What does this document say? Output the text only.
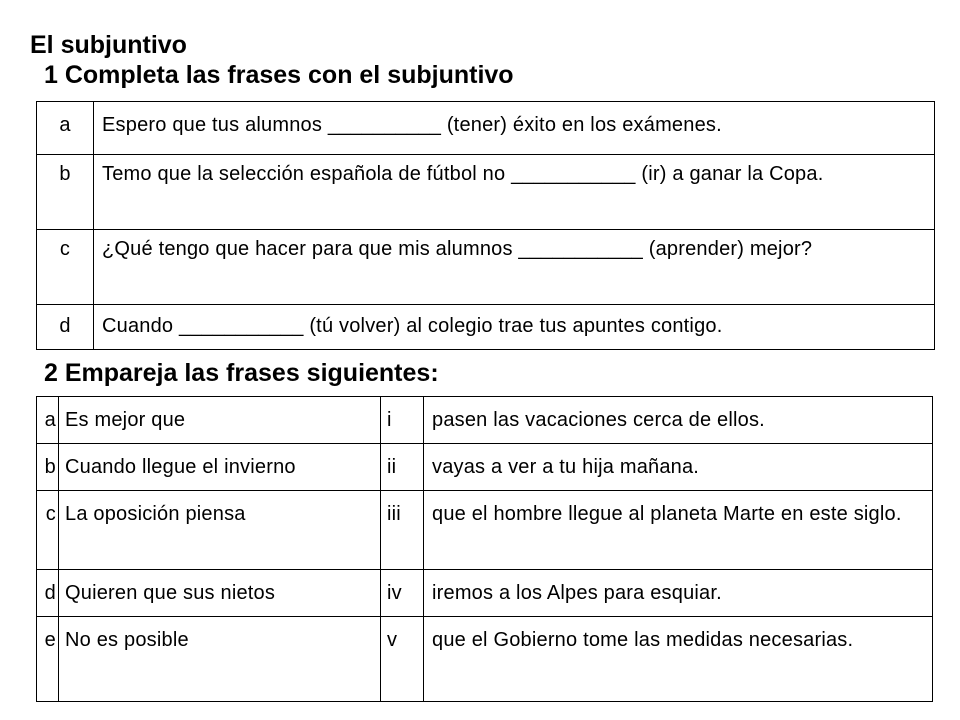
El subjuntivo
1 Completa las frases con el subjuntivo
a	Espero que tus alumnos __________ (tener) éxito en los exámenes.
b	Temo que la selección española de fútbol no ___________ (ir) a ganar la Copa.
c	¿Qué tengo que hacer para que mis alumnos ___________ (aprender) mejor?
d	Cuando ___________ (tú volver) al colegio trae tus apuntes contigo.
2 Empareja las frases siguientes:
a	Es mejor que	i	pasen las vacaciones cerca de ellos.
b	Cuando llegue el invierno	ii	vayas a ver a tu hija mañana.
c	La oposición piensa	iii	que el hombre llegue al planeta Marte en este siglo.
d	Quieren que sus nietos	iv	iremos a los Alpes para esquiar.
e	No es posible	v	que el Gobierno tome las medidas necesarias.
